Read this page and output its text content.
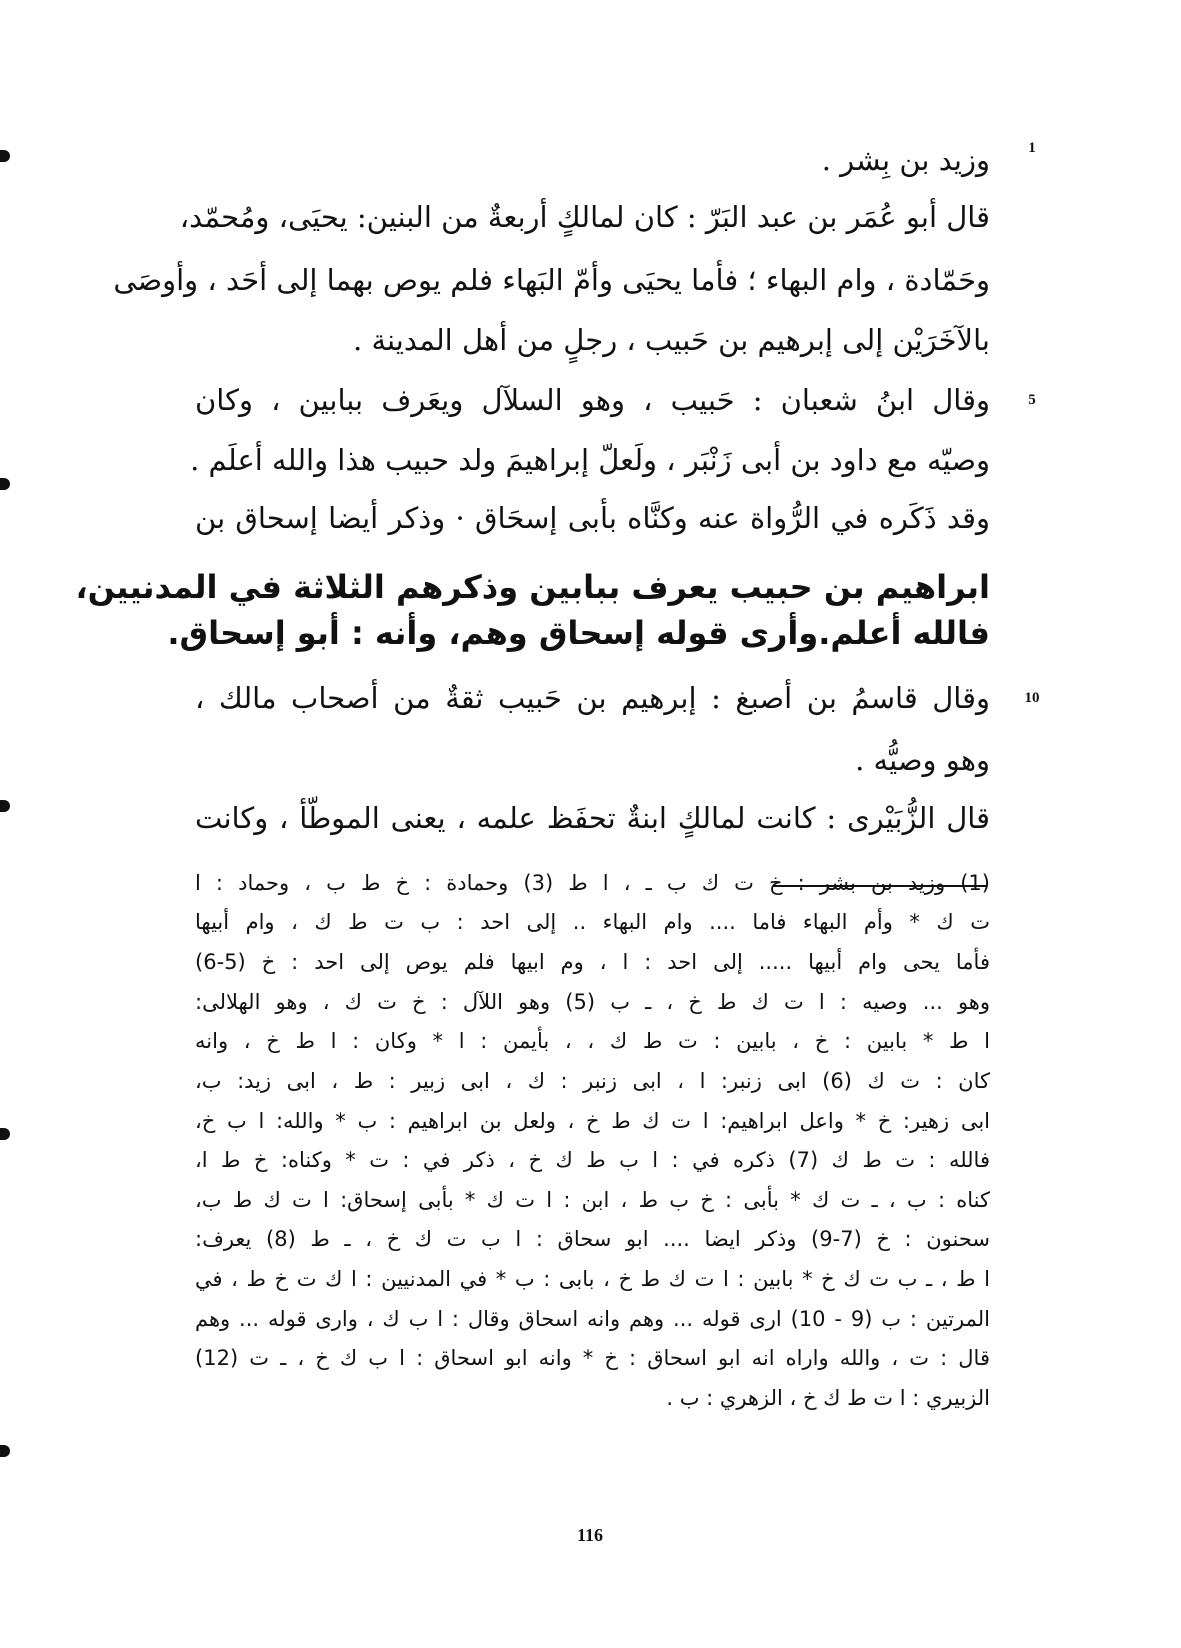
1
5
10
وزيد بن بِشر .
قال أبو عُمَر بن عبد البَرّ : كان لمالكٍ أربعةٌ من البنين: يحيَى، ومُحمّد،
وحَمّادة ، وام البهاء ؛ فأما يحيَى وأمّ البَهاء فلم يوص بهما إلى أحَد ، وأوصَى
بالآخَرَيْن إلى إبرهيم بن حَبيب ، رجلٍ من أهل المدينة .
وقال ابنُ شعبان : حَبيب ، وهو السلآل ويعَرف ببابين ، وكان
وصيّه مع داود بن أبى زَنْبَر ، ولَعلّ إبراهيمَ ولد حبيب هذا والله أعلَم .
وقد ذَكَره في الرُّواة عنه وكنَّاه بأبى إسحَاق · وذكر أيضا إسحاق بن
ابراهيم بن حبيب يعرف ببابين وذكرهم الثلاثة في المدنيين،
فالله أعلم.وأرى قوله إسحاق وهم، وأنه : أبو إسحاق.
وقال قاسمُ بن أصبغ : إبرهيم بن حَبيب ثقةٌ من أصحاب مالك ،
وهو وصيُّه .
قال الزُّبَيْرى : كانت لمالكٍ ابنةٌ تحفَظ علمه ، يعنى الموطّأ ، وكانت
(1) وزيد بن بشر : خ ت ك ب ـ ، ا ط (3) وحمادة : خ ط ب ، وحماد : ا
ت ك * وأم البهاء فاما .... وام البهاء .. إلى احد : ب ت ط ك ، وام أبيها
فأما يحى وام أبيها ..... إلى احد : ا ، وم ابيها فلم يوص إلى احد : خ (5-6)
وهو ... وصيه : ا ت ك ط خ ، ـ ب (5) وهو اللآل : خ ت ك ، وهو الهلالى:
ا ط * بابين : خ ، بابين : ت ط ك ، ، بأيمن : ا * وكان : ا ط خ ، وانه
كان : ت ك (6) ابى زنبر: ا ، ابى زنبر : ك ، ابى زبير : ط ، ابى زيد: ب،
ابى زهير: خ * واعل ابراهيم: ا ت ك ط خ ، ولعل بن ابراهيم : ب * والله: ا ب خ،
فالله : ت ط ك (7) ذكره في : ا ب ط ك خ ، ذكر في : ت * وكناه: خ ط ا،
كناه : ب ، ـ ت ك * بأبى : خ ب ط ، ابن : ا ت ك * بأبى إسحاق: ا ت ك ط ب،
سحنون : خ (7-9) وذكر ايضا .... ابو سحاق : ا ب ت ك خ ، ـ ط (8) يعرف:
ا ط ، ـ ب ت ك خ * بابين : ا ت ك ط خ ، بابى : ب * في المدنيين : ا ك ت خ ط ، في
المرتين : ب (9 - 10) ارى قوله ... وهم وانه اسحاق وقال : ا ب ك ، وارى قوله ... وهم
قال : ت ، والله واراه انه ابو اسحاق : خ * وانه ابو اسحاق : ا ب ك خ ، ـ ت (12)
الزبيري : ا ت ط ك خ ، الزهري : ب .
116
